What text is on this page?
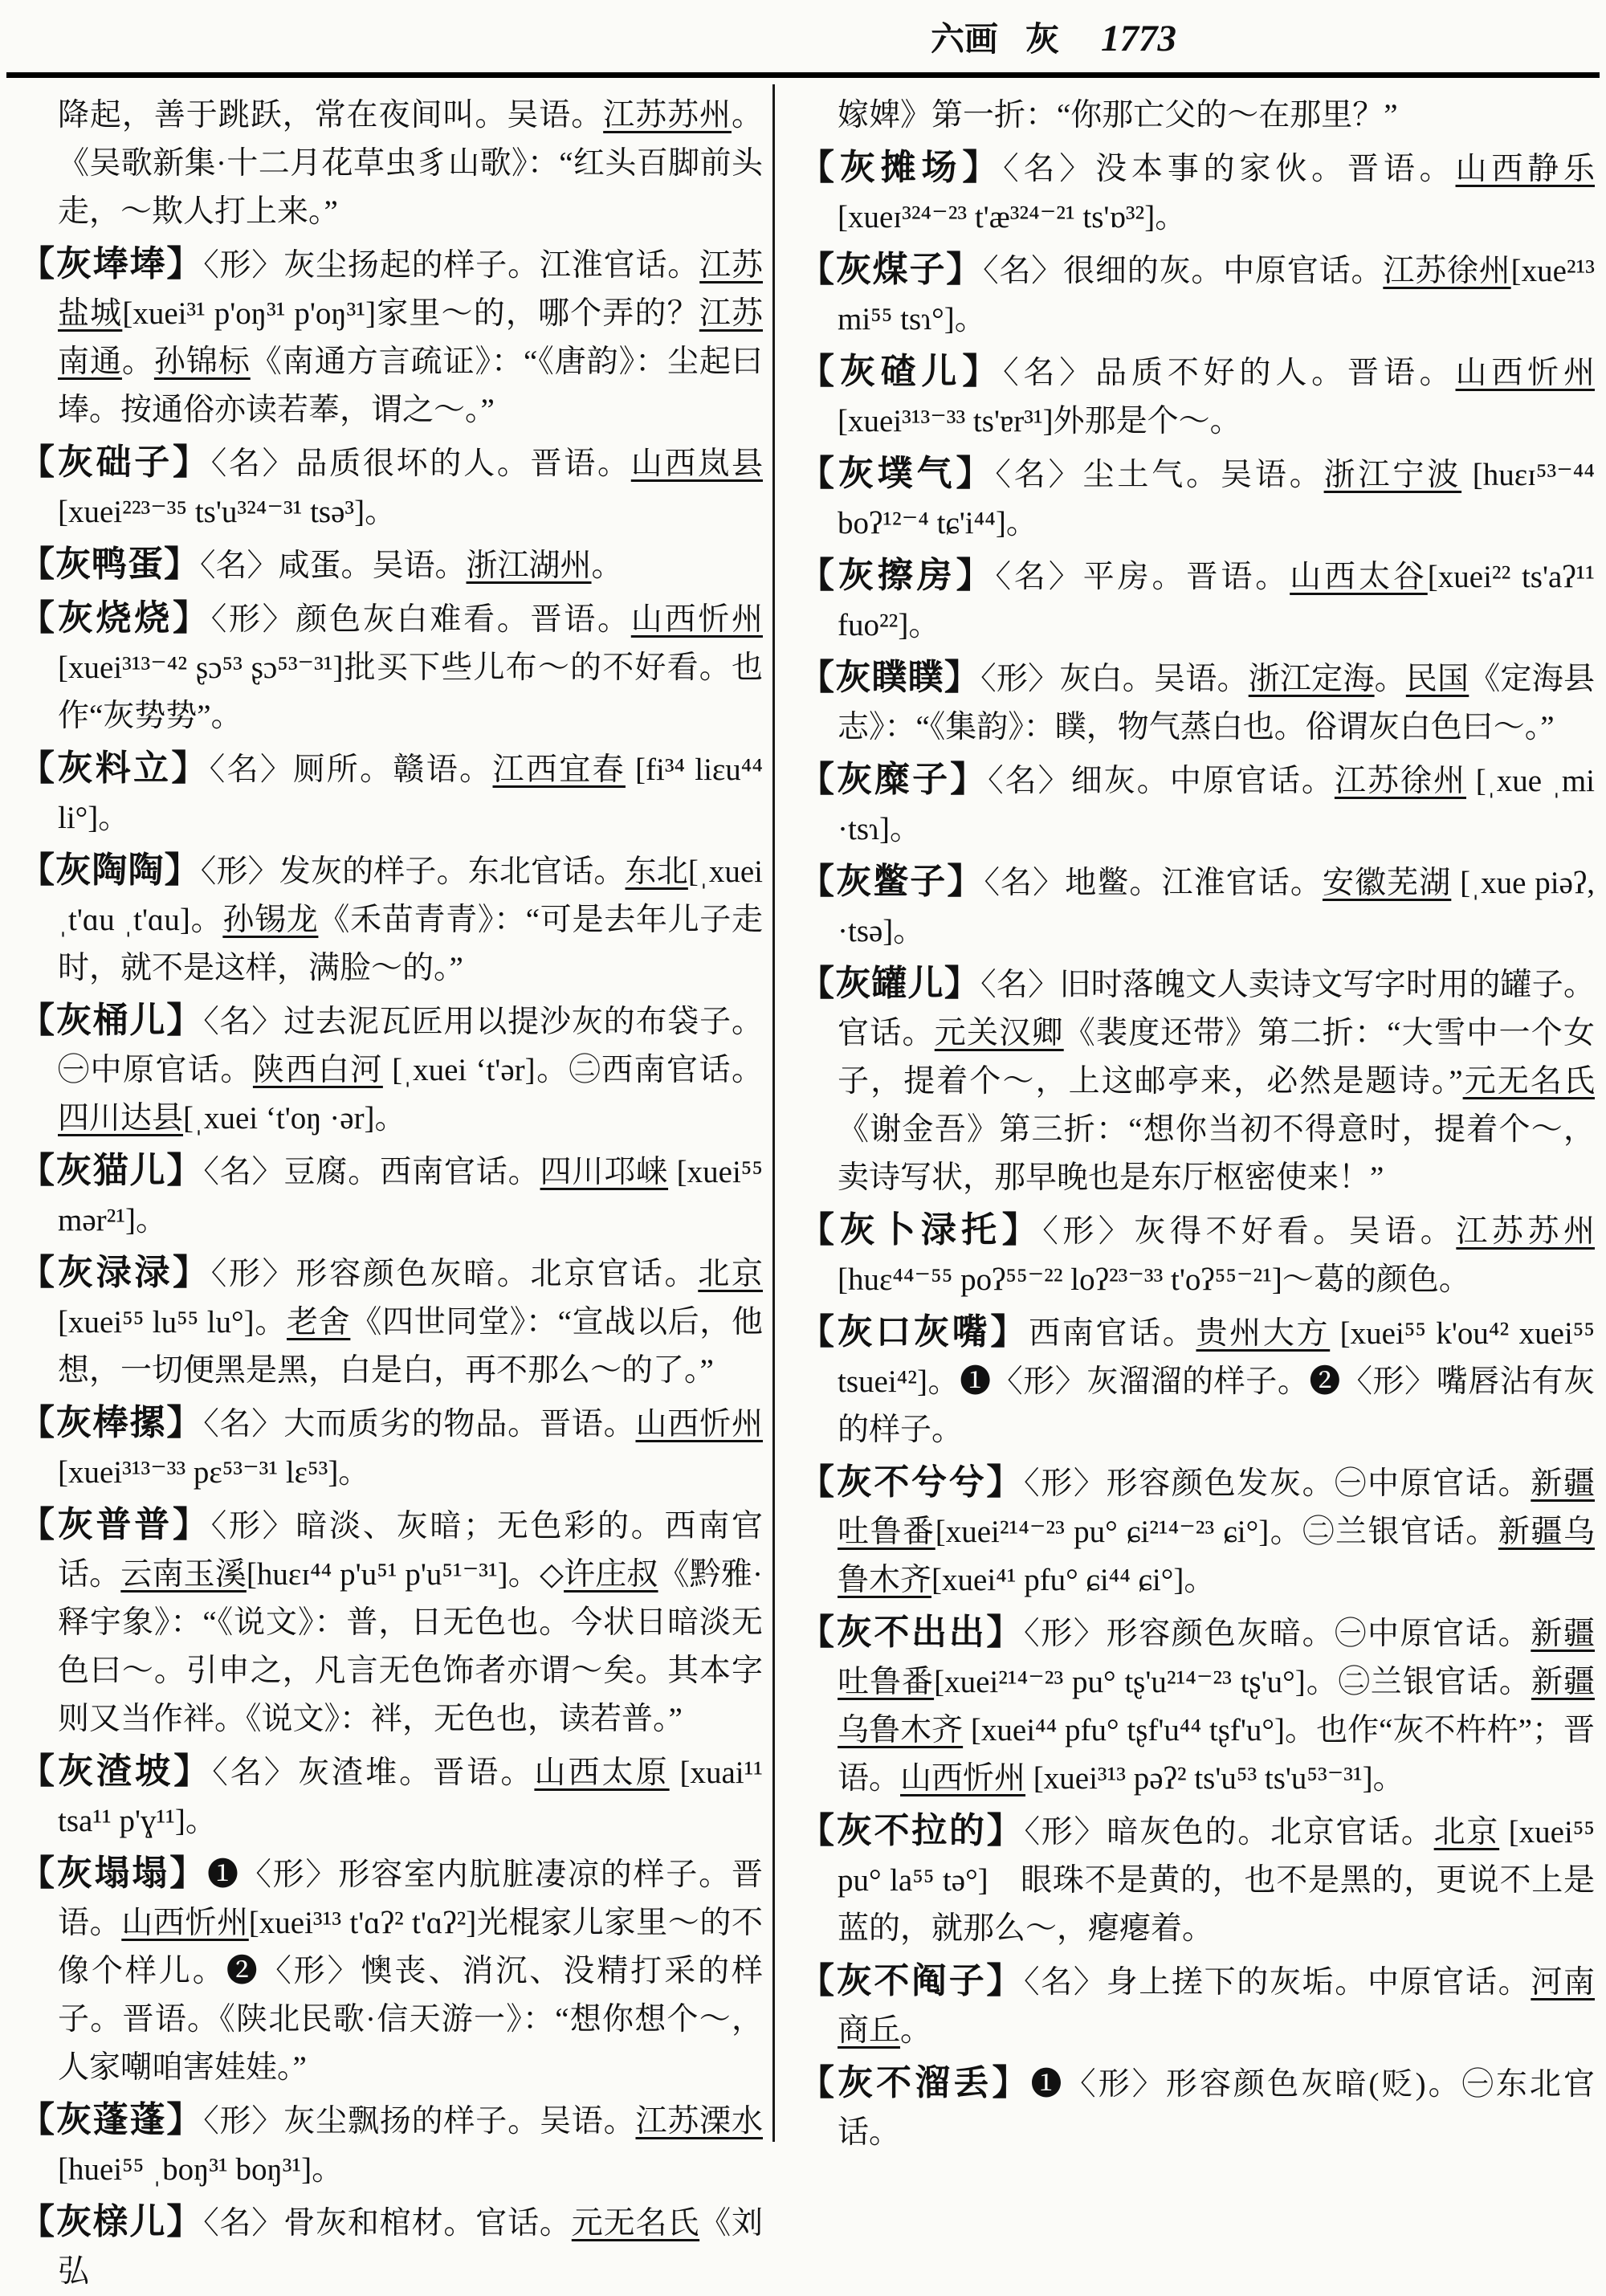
六画 灰 1773

降起，善于跳跃，常在夜间叫。吴语。江苏苏州。《吴歌新集·十二月花草虫豸山歌》：“红头百脚前头走，～欺人打上来。”

【灰埲埲】〈形〉灰尘扬起的样子。江淮官话。江苏盐城[xuei³¹ p'oŋ³¹ p'oŋ³¹]家里～的，哪个弄的？江苏南通。孙锦标《南通方言疏证》：“《唐韵》：尘起曰埲。按通俗亦读若菶，谓之～。”

【灰础子】〈名〉品质很坏的人。晋语。山西岚县[xuei²²³⁻³⁵ ts'u³²⁴⁻³¹ tsə³]。

【灰鸭蛋】〈名〉咸蛋。吴语。浙江湖州。

【灰烧烧】〈形〉颜色灰白难看。晋语。山西忻州[xuei³¹³⁻⁴² ʂɔ⁵³ ʂɔ⁵³⁻³¹]批买下些儿布～的不好看。也作“灰势势”。

【灰料立】〈名〉厕所。赣语。江西宜春 [fi³⁴ liɛu⁴⁴ li°]。

【灰陶陶】〈形〉发灰的样子。东北官话。东北[ˌxuei ˌt'ɑu ˌt'ɑu]。孙锡龙《禾苗青青》：“可是去年儿子走时，就不是这样，满脸～的。”

【灰桶儿】〈名〉过去泥瓦匠用以提沙灰的布袋子。㊀中原官话。陕西白河 [ˌxuei ʻt'ər]。㊁西南官话。四川达县[ˌxuei ʻt'oŋ ·ər]。

【灰猫儿】〈名〉豆腐。西南官话。四川邛崃 [xuei⁵⁵ mər²¹]。

【灰渌渌】〈形〉形容颜色灰暗。北京官话。北京[xuei⁵⁵ lu⁵⁵ lu°]。老舍《四世同堂》：“宣战以后，他想，一切便黑是黑，白是白，再不那么～的了。”

【灰棒摞】〈名〉大而质劣的物品。晋语。山西忻州[xuei³¹³⁻³³ pɛ⁵³⁻³¹ lɛ⁵³]。

【灰普普】〈形〉暗淡、灰暗；无色彩的。西南官话。云南玉溪[huɛɪ⁴⁴ p'u⁵¹ p'u⁵¹⁻³¹]。◇许庄叔《黔雅·释宇象》：“《说文》：普，日无色也。今状日暗淡无色曰～。引申之，凡言无色饰者亦谓～矣。其本字则又当作袢。《说文》：袢，无色也，读若普。”

【灰渣坡】〈名〉灰渣堆。晋语。山西太原 [xuai¹¹ tsa¹¹ p'ɣ¹¹]。

【灰塌塌】❶〈形〉形容室内肮脏凄凉的样子。晋语。山西忻州[xuei³¹³ t'ɑʔ² t'ɑʔ²]光棍家儿家里～的不像个样儿。❷〈形〉懊丧、消沉、没精打采的样子。晋语。《陕北民歌·信天游一》：“想你想个～，人家嘲咱害娃娃。”

【灰蓬蓬】〈形〉灰尘飘扬的样子。吴语。江苏溧水[huei⁵⁵ ˌboŋ³¹ boŋ³¹]。

【灰榇儿】〈名〉骨灰和棺材。官话。元无名氏《刘弘

嫁婢》第一折：“你那亡父的～在那里？”

【灰摊场】〈名〉没本事的家伙。晋语。山西静乐[xueɪ³²⁴⁻²³ t'æ³²⁴⁻²¹ ts'ɒ³²]。

【灰煤子】〈名〉很细的灰。中原官话。江苏徐州[xue²¹³ mi⁵⁵ tsɿ°]。

【灰碴儿】〈名〉品质不好的人。晋语。山西忻州[xuei³¹³⁻³³ ts'ɐr³¹]外那是个～。

【灰墣气】〈名〉尘土气。吴语。浙江宁波 [huɛɪ⁵³⁻⁴⁴ boʔ¹²⁻⁴ tɕ'i⁴⁴]。

【灰擦房】〈名〉平房。晋语。山西太谷[xuei²² ts'aʔ¹¹ fuo²²]。

【灰瞨瞨】〈形〉灰白。吴语。浙江定海。民国《定海县志》：“《集韵》：瞨，物气蒸白也。俗谓灰白色曰～。”

【灰糜子】〈名〉细灰。中原官话。江苏徐州 [ˌxue ˌmi ·tsɿ]。

【灰鳖子】〈名〉地鳖。江淮官话。安徽芜湖 [ˌxue piəʔ, ·tsə]。

【灰罐儿】〈名〉旧时落魄文人卖诗文写字时用的罐子。官话。元关汉卿《裴度还带》第二折：“大雪中一个女子，提着个～，上这邮亭来，必然是题诗。”元无名氏《谢金吾》第三折：“想你当初不得意时，提着个～，卖诗写状，那早晚也是东厅枢密使来！”

【灰卜渌托】〈形〉灰得不好看。吴语。江苏苏州[huɛ⁴⁴⁻⁵⁵ poʔ⁵⁵⁻²² loʔ²³⁻³³ t'oʔ⁵⁵⁻²¹]～葛的颜色。

【灰口灰嘴】西南官话。贵州大方 [xuei⁵⁵ k'ou⁴² xuei⁵⁵ tsuei⁴²]。❶〈形〉灰溜溜的样子。❷〈形〉嘴唇沾有灰的样子。

【灰不兮兮】〈形〉形容颜色发灰。㊀中原官话。新疆吐鲁番[xuei²¹⁴⁻²³ pu° ɕi²¹⁴⁻²³ ɕi°]。㊁兰银官话。新疆乌鲁木齐[xuei⁴¹ pfu° ɕi⁴⁴ ɕi°]。

【灰不出出】〈形〉形容颜色灰暗。㊀中原官话。新疆吐鲁番[xuei²¹⁴⁻²³ pu° tʂ'u²¹⁴⁻²³ tʂ'u°]。㊁兰银官话。新疆乌鲁木齐 [xuei⁴⁴ pfu° tʂf'u⁴⁴ tʂf'u°]。也作“灰不杵杵”；晋语。山西忻州 [xuei³¹³ pəʔ² ts'u⁵³ ts'u⁵³⁻³¹]。

【灰不拉的】〈形〉暗灰色的。北京官话。北京 [xuei⁵⁵ pu° la⁵⁵ tə°]　眼珠不是黄的，也不是黑的，更说不上是蓝的，就那么～，瘪瘪着。

【灰不阄子】〈名〉身上搓下的灰垢。中原官话。河南商丘。

【灰不溜丢】❶〈形〉形容颜色灰暗(贬)。㊀东北官话。
